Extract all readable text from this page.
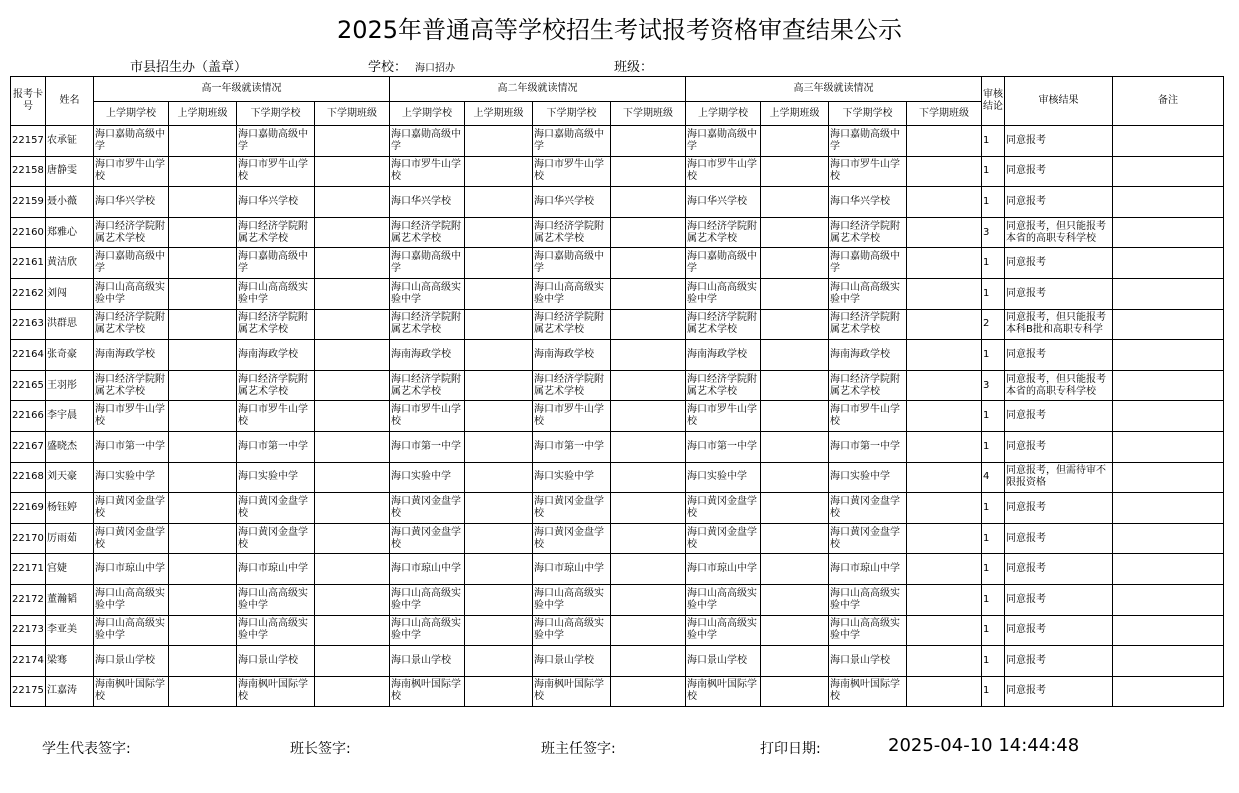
2025年普通高等学校招生考试报考资格审查结果公示
市县招生办（盖章）	学校： 海口招办	班级：
报考卡号	姓名	高一年级就读情况				高二年级就读情况				高三年级就读情况				审核结论	审核结果	备注
		上学期学校	上学期班级	下学期学校	下学期班级	上学期学校	上学期班级	下学期学校	下学期班级	上学期学校	上学期班级	下学期学校	下学期班级			
22157	农承钲	海口嘉勋高级中学		海口嘉勋高级中学		海口嘉勋高级中学		海口嘉勋高级中学		海口嘉勋高级中学		海口嘉勋高级中学		1	同意报考	
22158	唐静雯	海口市罗牛山学校		海口市罗牛山学校		海口市罗牛山学校		海口市罗牛山学校		海口市罗牛山学校		海口市罗牛山学校		1	同意报考	
22159	聂小薇	海口华兴学校		海口华兴学校		海口华兴学校		海口华兴学校		海口华兴学校		海口华兴学校		1	同意报考	
22160	郑雅心	海口经济学院附属艺术学校		海口经济学院附属艺术学校		海口经济学院附属艺术学校		海口经济学院附属艺术学校		海口经济学院附属艺术学校		海口经济学院附属艺术学校		3	同意报考，但只能报考本省的高职专科学校	
22161	黄洁欣	海口嘉勋高级中学		海口嘉勋高级中学		海口嘉勋高级中学		海口嘉勋高级中学		海口嘉勋高级中学		海口嘉勋高级中学		1	同意报考	
22162	刘闯	海口山高高级实验中学		海口山高高级实验中学		海口山高高级实验中学		海口山高高级实验中学		海口山高高级实验中学		海口山高高级实验中学		1	同意报考	
22163	洪群思	海口经济学院附属艺术学校		海口经济学院附属艺术学校		海口经济学院附属艺术学校		海口经济学院附属艺术学校		海口经济学院附属艺术学校		海口经济学院附属艺术学校		2	同意报考，但只能报考本科B批和高职专科学	
22164	张奇豪	海南海政学校		海南海政学校		海南海政学校		海南海政学校		海南海政学校		海南海政学校		1	同意报考	
22165	王羽彤	海口经济学院附属艺术学校		海口经济学院附属艺术学校		海口经济学院附属艺术学校		海口经济学院附属艺术学校		海口经济学院附属艺术学校		海口经济学院附属艺术学校		3	同意报考，但只能报考本省的高职专科学校	
22166	李宇晨	海口市罗牛山学校		海口市罗牛山学校		海口市罗牛山学校		海口市罗牛山学校		海口市罗牛山学校		海口市罗牛山学校		1	同意报考	
22167	盛晓杰	海口市第一中学		海口市第一中学		海口市第一中学		海口市第一中学		海口市第一中学		海口市第一中学		1	同意报考	
22168	刘天豪	海口实验中学		海口实验中学		海口实验中学		海口实验中学		海口实验中学		海口实验中学		4	同意报考，但需待审不限报资格	
22169	杨钰婷	海口黄冈金盘学校		海口黄冈金盘学校		海口黄冈金盘学校		海口黄冈金盘学校		海口黄冈金盘学校		海口黄冈金盘学校		1	同意报考	
22170	厉雨茹	海口黄冈金盘学校		海口黄冈金盘学校		海口黄冈金盘学校		海口黄冈金盘学校		海口黄冈金盘学校		海口黄冈金盘学校		1	同意报考	
22171	宫婕	海口市琼山中学		海口市琼山中学		海口市琼山中学		海口市琼山中学		海口市琼山中学		海口市琼山中学		1	同意报考	
22172	董瀚韬	海口山高高级实验中学		海口山高高级实验中学		海口山高高级实验中学		海口山高高级实验中学		海口山高高级实验中学		海口山高高级实验中学		1	同意报考	
22173	李亚美	海口山高高级实验中学		海口山高高级实验中学		海口山高高级实验中学		海口山高高级实验中学		海口山高高级实验中学		海口山高高级实验中学		1	同意报考	
22174	梁骞	海口景山学校		海口景山学校		海口景山学校		海口景山学校		海口景山学校		海口景山学校		1	同意报考	
22175	江嘉涛	海南枫叶国际学校		海南枫叶国际学校		海南枫叶国际学校		海南枫叶国际学校		海南枫叶国际学校		海南枫叶国际学校		1	同意报考	
学生代表签字:	班长签字:	班主任签字:	打印日期:	2025-04-10 14:44:48
